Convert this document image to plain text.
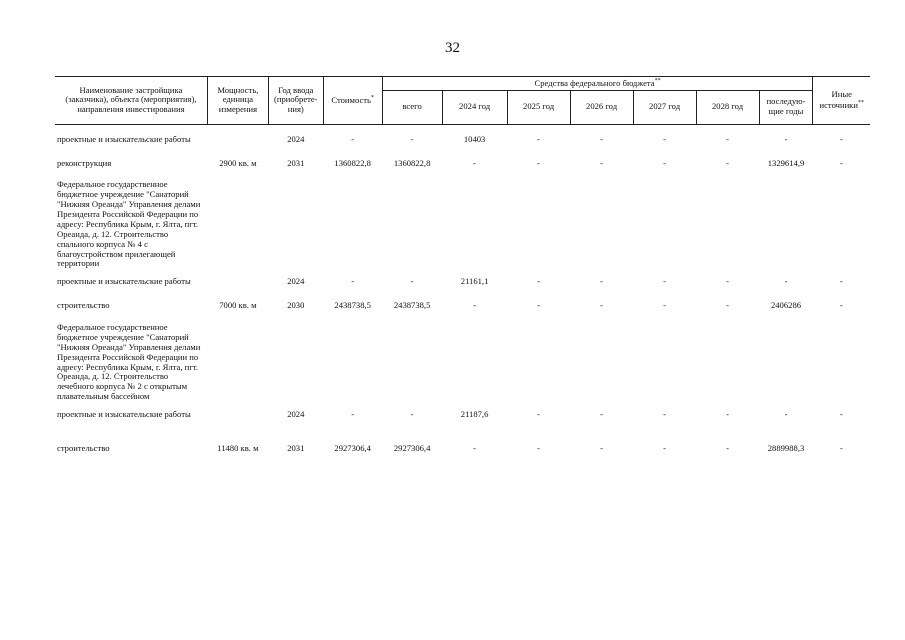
32
Наименование застройщика (заказчика), объекта (мероприятия), направления инвестирования	Мощность, единица измерения	Год ввода (приобрете-ния)	Стоимость*	Средства федерального бюджета**							Иные источники**
				всего	2024 год	2025 год	2026 год	2027 год	2028 год	последую-щие годы	

проектные и изыскательские работы		2024	-	-	10403	-	-	-	-	-	-

реконструкция	2900 кв. м	2031	1360822,8	1360822,8	-	-	-	-	-	1329614,9	-

Федеральное государственное бюджетное учреждение "Санаторий "Нижняя Ореанда" Управления делами Президента Российской Федерации по адресу: Республика Крым, г. Ялта, пгт. Ореанда, д. 12. Строительство спального корпуса № 4 с благоустройством прилегающей территории											

проектные и изыскательские работы		2024	-	-	21161,1	-	-	-	-	-	-

строительство	7000 кв. м	2030	2438738,5	2438738,5	-	-	-	-	-	2406286	-

Федеральное государственное бюджетное учреждение "Санаторий "Нижняя Ореанда" Управления делами Президента Российской Федерации по адресу: Республика Крым, г. Ялта, пгт. Ореанда, д. 12. Строительство лечебного корпуса № 2 с открытым плавательным бассейном											

проектные и изыскательские работы		2024	-	-	21187,6	-	-	-	-	-	-

строительство	11480 кв. м	2031	2927306,4	2927306,4	-	-	-	-	-	2889988,3	-
